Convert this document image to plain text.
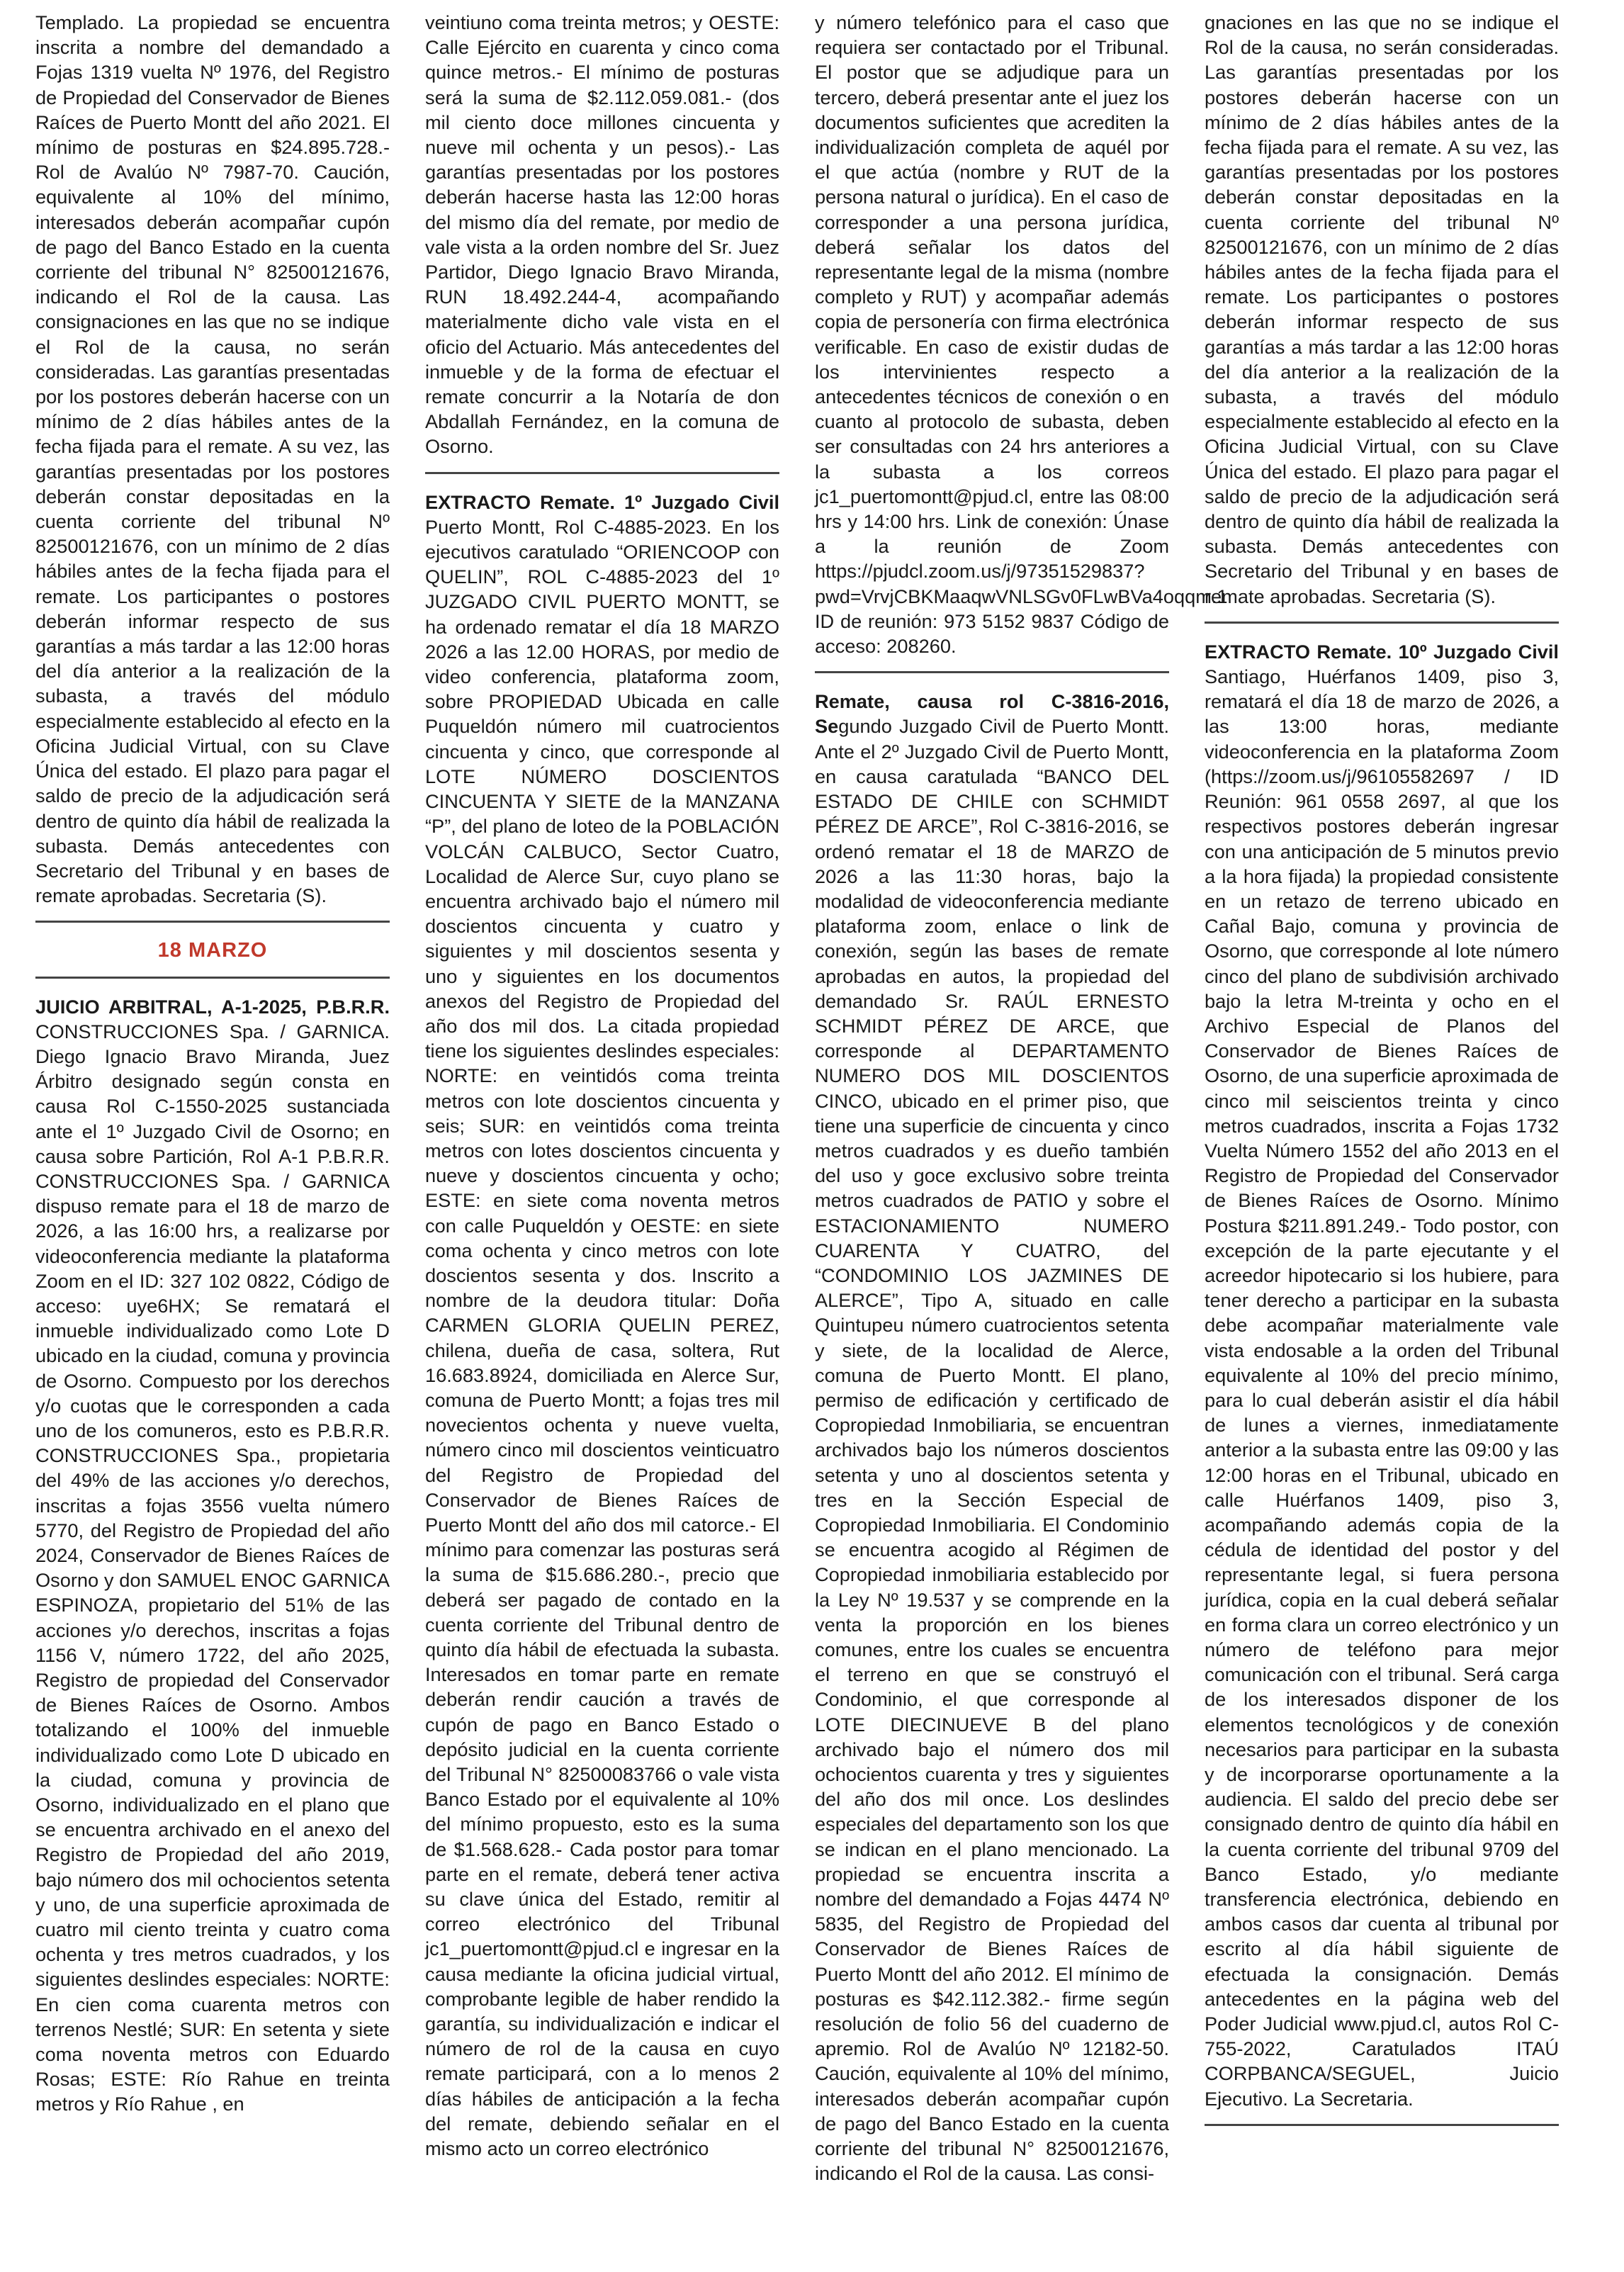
Templado. La propiedad se encuentra inscrita a nombre del demandado a Fojas 1319 vuelta Nº 1976, del Registro de Propiedad del Conservador de Bienes Raíces de Puerto Montt del año 2021. El mínimo de posturas en $24.895.728.- Rol de Avalúo Nº 7987-70. Caución, equivalente al 10% del mínimo, interesados deberán acompañar cupón de pago del Banco Estado en la cuenta corriente del tribunal N° 82500121676, indicando el Rol de la causa. Las consignaciones en las que no se indique el Rol de la causa, no serán consideradas. Las garantías presentadas por los postores deberán hacerse con un mínimo de 2 días hábiles antes de la fecha fijada para el remate. A su vez, las garantías presentadas por los postores deberán constar depositadas en la cuenta corriente del tribunal Nº 82500121676, con un mínimo de 2 días hábiles antes de la fecha fijada para el remate. Los participantes o postores deberán informar respecto de sus garantías a más tardar a las 12:00 horas del día anterior a la realización de la subasta, a través del módulo especialmente establecido al efecto en la Oficina Judicial Virtual, con su Clave Única del estado. El plazo para pagar el saldo de precio de la adjudicación será dentro de quinto día hábil de realizada la subasta. Demás antecedentes con Secretario del Tribunal y en bases de remate aprobadas. Secretaria (S).

18 MARZO

JUICIO ARBITRAL, A-1-2025, P.B.R.R. CONSTRUCCIONES Spa. / GARNICA. Diego Ignacio Bravo Miranda, Juez Árbitro designado según consta en causa Rol C-1550-2025 sustanciada ante el 1º Juzgado Civil de Osorno; en causa sobre Partición, Rol A-1 P.B.R.R. CONSTRUCCIONES Spa. / GARNICA dispuso remate para el 18 de marzo de 2026, a las 16:00 hrs, a realizarse por videoconferencia mediante la plataforma Zoom en el ID: 327 102 0822, Código de acceso: uye6HX; Se rematará el inmueble individualizado como Lote D ubicado en la ciudad, comuna y provincia de Osorno. Compuesto por los derechos y/o cuotas que le corresponden a cada uno de los comuneros, esto es P.B.R.R. CONSTRUCCIONES Spa., propietaria del 49% de las acciones y/o derechos, inscritas a fojas 3556 vuelta número 5770, del Registro de Propiedad del año 2024, Conservador de Bienes Raíces de Osorno y don SAMUEL ENOC GARNICA ESPINOZA, propietario del 51% de las acciones y/o derechos, inscritas a fojas 1156 V, número 1722, del año 2025, Registro de propiedad del Conservador de Bienes Raíces de Osorno. Ambos totalizando el 100% del inmueble individualizado como Lote D ubicado en la ciudad, comuna y provincia de Osorno, individualizado en el plano que se encuentra archivado en el anexo del Registro de Propiedad del año 2019, bajo número dos mil ochocientos setenta y uno, de una superficie aproximada de cuatro mil ciento treinta y cuatro coma ochenta y tres metros cuadrados, y los siguientes deslindes especiales: NORTE: En cien coma cuarenta metros con terrenos Nestlé; SUR: En setenta y siete coma noventa metros con Eduardo Rosas; ESTE: Río Rahue en treinta metros y Río Rahue , en

veintiuno coma treinta metros; y OESTE: Calle Ejército en cuarenta y cinco coma quince metros.- El mínimo de posturas será la suma de $2.112.059.081.- (dos mil ciento doce millones cincuenta y nueve mil ochenta y un pesos).- Las garantías presentadas por los postores deberán hacerse hasta las 12:00 horas del mismo día del remate, por medio de vale vista a la orden nombre del Sr. Juez Partidor, Diego Ignacio Bravo Miranda, RUN 18.492.244-4, acompañando materialmente dicho vale vista en el oficio del Actuario. Más antecedentes del inmueble y de la forma de efectuar el remate concurrir a la Notaría de don Abdallah Fernández, en la comuna de Osorno.

EXTRACTO Remate. 1º Juzgado Civil Puerto Montt, Rol C-4885-2023. En los ejecutivos caratulado “ORIENCOOP con QUELIN”, ROL C-4885-2023 del 1º JUZGADO CIVIL PUERTO MONTT, se ha ordenado rematar el día 18 MARZO 2026 a las 12.00 HORAS, por medio de video conferencia, plataforma zoom, sobre PROPIEDAD Ubicada en calle Puqueldón número mil cuatrocientos cincuenta y cinco, que corresponde al LOTE NÚMERO DOSCIENTOS CINCUENTA Y SIETE de la MANZANA “P”, del plano de loteo de la POBLACIÓN VOLCÁN CALBUCO, Sector Cuatro, Localidad de Alerce Sur, cuyo plano se encuentra archivado bajo el número mil doscientos cincuenta y cuatro y siguientes y mil doscientos sesenta y uno y siguientes en los documentos anexos del Registro de Propiedad del año dos mil dos. La citada propiedad tiene los siguientes deslindes especiales: NORTE: en veintidós coma treinta metros con lote doscientos cincuenta y seis; SUR: en veintidós coma treinta metros con lotes doscientos cincuenta y nueve y doscientos cincuenta y ocho; ESTE: en siete coma noventa metros con calle Puqueldón y OESTE: en siete coma ochenta y cinco metros con lote doscientos sesenta y dos. Inscrito a nombre de la deudora titular: Doña CARMEN GLORIA QUELIN PEREZ, chilena, dueña de casa, soltera, Rut 16.683.8924, domiciliada en Alerce Sur, comuna de Puerto Montt; a fojas tres mil novecientos ochenta y nueve vuelta, número cinco mil doscientos veinticuatro del Registro de Propiedad del Conservador de Bienes Raíces de Puerto Montt del año dos mil catorce.- El mínimo para comenzar las posturas será la suma de $15.686.280.-, precio que deberá ser pagado de contado en la cuenta corriente del Tribunal dentro de quinto día hábil de efectuada la subasta. Interesados en tomar parte en remate deberán rendir caución a través de cupón de pago en Banco Estado o depósito judicial en la cuenta corriente del Tribunal N° 82500083766 o vale vista Banco Estado por el equivalente al 10% del mínimo propuesto, esto es la suma de $1.568.628.- Cada postor para tomar parte en el remate, deberá tener activa su clave única del Estado, remitir al correo electrónico del Tribunal jc1_puertomontt@pjud.cl e ingresar en la causa mediante la oficina judicial virtual, comprobante legible de haber rendido la garantía, su individualización e indicar el número de rol de la causa en cuyo remate participará, con a lo menos 2 días hábiles de anticipación a la fecha del remate, debiendo señalar en el mismo acto un correo electrónico

y número telefónico para el caso que requiera ser contactado por el Tribunal. El postor que se adjudique para un tercero, deberá presentar ante el juez los documentos suficientes que acrediten la individualización completa de aquél por el que actúa (nombre y RUT de la persona natural o jurídica). En el caso de corresponder a una persona jurídica, deberá señalar los datos del representante legal de la misma (nombre completo y RUT) y acompañar además copia de personería con firma electrónica verificable. En caso de existir dudas de los intervinientes respecto a antecedentes técnicos de conexión o en cuanto al protocolo de subasta, deben ser consultadas con 24 hrs anteriores a la subasta a los correos jc1_puertomontt@pjud.cl, entre las 08:00 hrs y 14:00 hrs. Link de conexión: Únase a la reunión de Zoom https://pjudcl.zoom.us/j/97351529837?pwd=VrvjCBKMaaqwVNLSGv0FLwBVa4oqqm.1 ID de reunión: 973 5152 9837 Código de acceso: 208260.

Remate, causa rol C-3816-2016, Segundo Juzgado Civil de Puerto Montt. Ante el 2º Juzgado Civil de Puerto Montt, en causa caratulada “BANCO DEL ESTADO DE CHILE con SCHMIDT PÉREZ DE ARCE”, Rol C-3816-2016, se ordenó rematar el 18 de MARZO de 2026 a las 11:30 horas, bajo la modalidad de videoconferencia mediante plataforma zoom, enlace o link de conexión, según las bases de remate aprobadas en autos, la propiedad del demandado Sr. RAÚL ERNESTO SCHMIDT PÉREZ DE ARCE, que corresponde al DEPARTAMENTO NUMERO DOS MIL DOSCIENTOS CINCO, ubicado en el primer piso, que tiene una superficie de cincuenta y cinco metros cuadrados y es dueño también del uso y goce exclusivo sobre treinta metros cuadrados de PATIO y sobre el ESTACIONAMIENTO NUMERO CUARENTA Y CUATRO, del “CONDOMINIO LOS JAZMINES DE ALERCE”, Tipo A, situado en calle Quintupeu número cuatrocientos setenta y siete, de la localidad de Alerce, comuna de Puerto Montt. El plano, permiso de edificación y certificado de Copropiedad Inmobiliaria, se encuentran archivados bajo los números doscientos setenta y uno al doscientos setenta y tres en la Sección Especial de Copropiedad Inmobiliaria. El Condominio se encuentra acogido al Régimen de Copropiedad inmobiliaria establecido por la Ley Nº 19.537 y se comprende en la venta la proporción en los bienes comunes, entre los cuales se encuentra el terreno en que se construyó el Condominio, el que corresponde al LOTE DIECINUEVE B del plano archivado bajo el número dos mil ochocientos cuarenta y tres y siguientes del año dos mil once. Los deslindes especiales del departamento son los que se indican en el plano mencionado. La propiedad se encuentra inscrita a nombre del demandado a Fojas 4474 Nº 5835, del Registro de Propiedad del Conservador de Bienes Raíces de Puerto Montt del año 2012. El mínimo de posturas es $42.112.382.- firme según resolución de folio 56 del cuaderno de apremio. Rol de Avalúo Nº 12182-50. Caución, equivalente al 10% del mínimo, interesados deberán acompañar cupón de pago del Banco Estado en la cuenta corriente del tribunal N° 82500121676, indicando el Rol de la causa. Las consi-

gnaciones en las que no se indique el Rol de la causa, no serán consideradas. Las garantías presentadas por los postores deberán hacerse con un mínimo de 2 días hábiles antes de la fecha fijada para el remate. A su vez, las garantías presentadas por los postores deberán constar depositadas en la cuenta corriente del tribunal Nº 82500121676, con un mínimo de 2 días hábiles antes de la fecha fijada para el remate. Los participantes o postores deberán informar respecto de sus garantías a más tardar a las 12:00 horas del día anterior a la realización de la subasta, a través del módulo especialmente establecido al efecto en la Oficina Judicial Virtual, con su Clave Única del estado. El plazo para pagar el saldo de precio de la adjudicación será dentro de quinto día hábil de realizada la subasta. Demás antecedentes con Secretario del Tribunal y en bases de remate aprobadas. Secretaria (S).

EXTRACTO Remate. 10º Juzgado Civil Santiago, Huérfanos 1409, piso 3, rematará el día 18 de marzo de 2026, a las 13:00 horas, mediante videoconferencia en la plataforma Zoom (https://zoom.us/j/96105582697 / ID Reunión: 961 0558 2697, al que los respectivos postores deberán ingresar con una anticipación de 5 minutos previo a la hora fijada) la propiedad consistente en un retazo de terreno ubicado en Cañal Bajo, comuna y provincia de Osorno, que corresponde al lote número cinco del plano de subdivisión archivado bajo la letra M-treinta y ocho en el Archivo Especial de Planos del Conservador de Bienes Raíces de Osorno, de una superficie aproximada de cinco mil seiscientos treinta y cinco metros cuadrados, inscrita a Fojas 1732 Vuelta Número 1552 del año 2013 en el Registro de Propiedad del Conservador de Bienes Raíces de Osorno. Mínimo Postura $211.891.249.- Todo postor, con excepción de la parte ejecutante y el acreedor hipotecario si los hubiere, para tener derecho a participar en la subasta debe acompañar materialmente vale vista endosable a la orden del Tribunal equivalente al 10% del precio mínimo, para lo cual deberán asistir el día hábil de lunes a viernes, inmediatamente anterior a la subasta entre las 09:00 y las 12:00 horas en el Tribunal, ubicado en calle Huérfanos 1409, piso 3, acompañando además copia de la cédula de identidad del postor y del representante legal, si fuera persona jurídica, copia en la cual deberá señalar en forma clara un correo electrónico y un número de teléfono para mejor comunicación con el tribunal. Será carga de los interesados disponer de los elementos tecnológicos y de conexión necesarios para participar en la subasta y de incorporarse oportunamente a la audiencia. El saldo del precio debe ser consignado dentro de quinto día hábil en la cuenta corriente del tribunal 9709 del Banco Estado, y/o mediante transferencia electrónica, debiendo en ambos casos dar cuenta al tribunal por escrito al día hábil siguiente de efectuada la consignación. Demás antecedentes en la página web del Poder Judicial www.pjud.cl, autos Rol C-755-2022, Caratulados ITAÚ CORPBANCA/SEGUEL, Juicio Ejecutivo. La Secretaria.
